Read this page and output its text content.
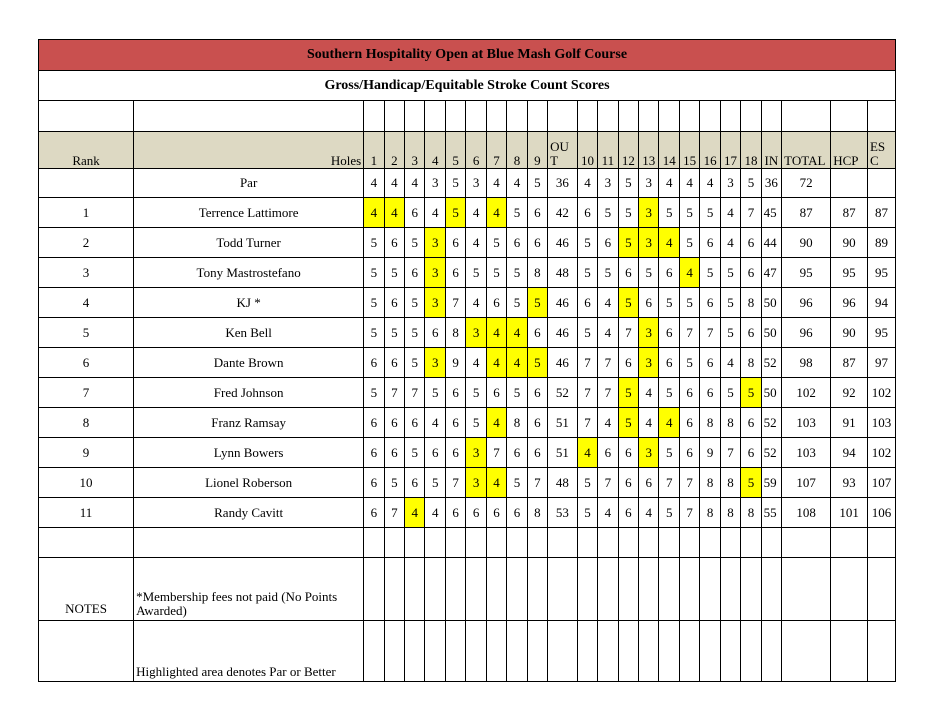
Southern Hospitality Open at Blue Mash Golf Course																								
Gross/Handicap/Equitable Stroke Count Scores																								

Rank	Holes	1	2	3	4	5	6	7	8	9	OUT	10	11	12	13	14	15	16	17	18	IN	TOTAL	HCP	ESC
	Par	4	4	4	3	5	3	4	4	5	36	4	3	5	3	4	4	4	3	5	36	72		
1	Terrence Lattimore	4	4	6	4	5	4	4	5	6	42	6	5	5	3	5	5	5	4	7	45	87	87	87
2	Todd Turner	5	6	5	3	6	4	5	6	6	46	5	6	5	3	4	5	6	4	6	44	90	90	89
3	Tony Mastrostefano	5	5	6	3	6	5	5	5	8	48	5	5	6	5	6	4	5	5	6	47	95	95	95
4	KJ *	5	6	5	3	7	4	6	5	5	46	6	4	5	6	5	5	6	5	8	50	96	96	94
5	Ken Bell	5	5	5	6	8	3	4	4	6	46	5	4	7	3	6	7	7	5	6	50	96	90	95
6	Dante Brown	6	6	5	3	9	4	4	4	5	46	7	7	6	3	6	5	6	4	8	52	98	87	97
7	Fred Johnson	5	7	7	5	6	5	6	5	6	52	7	7	5	4	5	6	6	5	5	50	102	92	102
8	Franz Ramsay	6	6	6	4	6	5	4	8	6	51	7	4	5	4	4	6	8	8	6	52	103	91	103
9	Lynn Bowers	6	6	5	6	6	3	7	6	6	51	4	6	6	3	5	6	9	7	6	52	103	94	102
10	Lionel Roberson	6	5	6	5	7	3	4	5	7	48	5	7	6	6	7	7	8	8	5	59	107	93	107
11	Randy Cavitt	6	7	4	4	6	6	6	6	8	53	5	4	6	4	5	7	8	8	8	55	108	101	106

NOTES	*Membership fees not paid (No Points Awarded)																							
	Highlighted area denotes Par or Better																							
